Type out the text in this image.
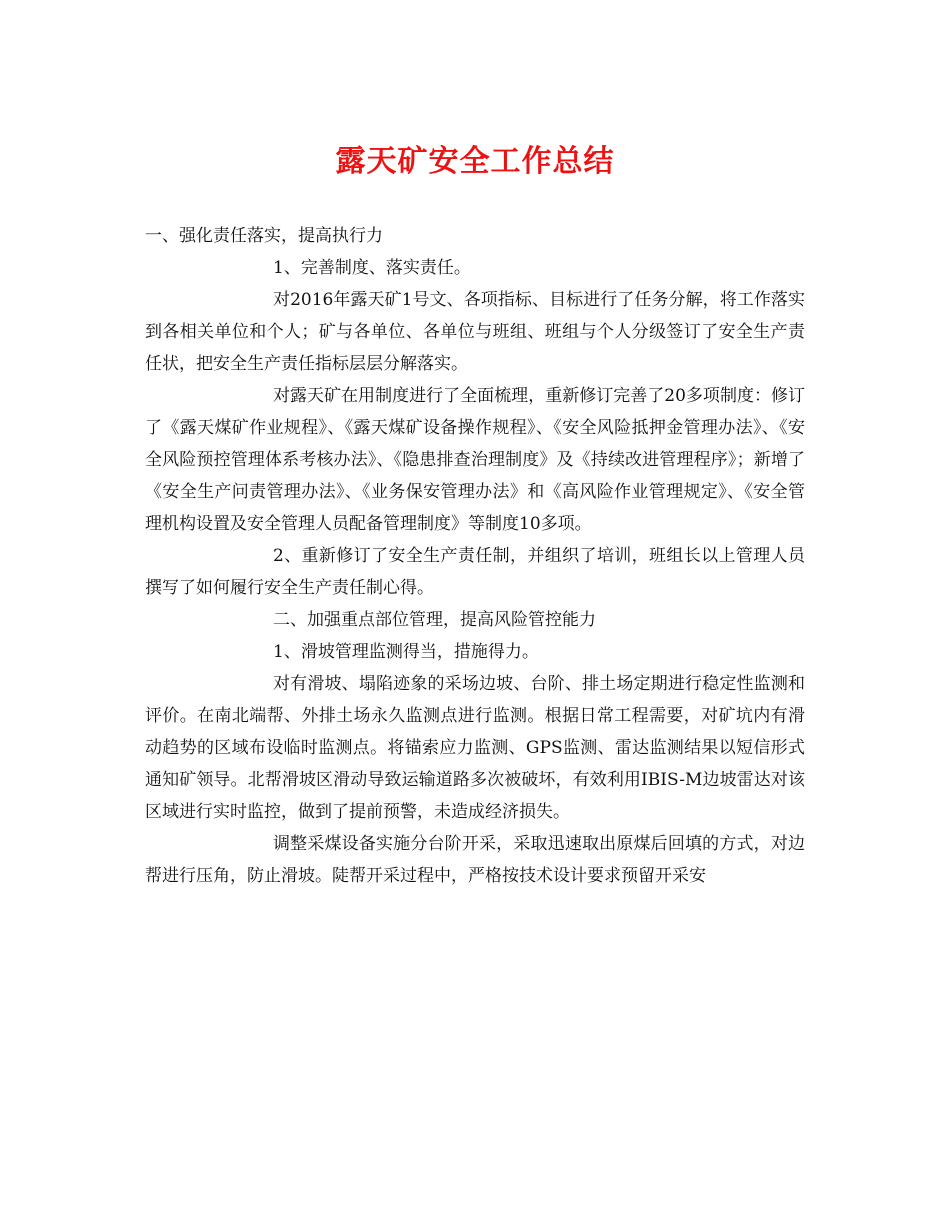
露天矿安全工作总结

一、强化责任落实，提高执行力

1、完善制度、落实责任。

对2016年露天矿1号文、各项指标、目标进行了任务分解，将工作落实到各相关单位和个人；矿与各单位、各单位与班组、班组与个人分级签订了安全生产责任状，把安全生产责任指标层层分解落实。

对露天矿在用制度进行了全面梳理，重新修订完善了20多项制度：修订了《露天煤矿作业规程》、《露天煤矿设备操作规程》、《安全风险抵押金管理办法》、《安全风险预控管理体系考核办法》、《隐患排查治理制度》及《持续改进管理程序》；新增了《安全生产问责管理办法》、《业务保安管理办法》和《高风险作业管理规定》、《安全管理机构设置及安全管理人员配备管理制度》等制度10多项。

2、重新修订了安全生产责任制，并组织了培训，班组长以上管理人员撰写了如何履行安全生产责任制心得。

二、加强重点部位管理，提高风险管控能力

1、滑坡管理监测得当，措施得力。

对有滑坡、塌陷迹象的采场边坡、台阶、排土场定期进行稳定性监测和评价。在南北端帮、外排土场永久监测点进行监测。根据日常工程需要，对矿坑内有滑动趋势的区域布设临时监测点。将锚索应力监测、GPS监测、雷达监测结果以短信形式通知矿领导。北帮滑坡区滑动导致运输道路多次被破坏，有效利用IBIS-M边坡雷达对该区域进行实时监控，做到了提前预警，未造成经济损失。

调整采煤设备实施分台阶开采，采取迅速取出原煤后回填的方式，对边帮进行压角，防止滑坡。陡帮开采过程中，严格按技术设计要求预留开采安
